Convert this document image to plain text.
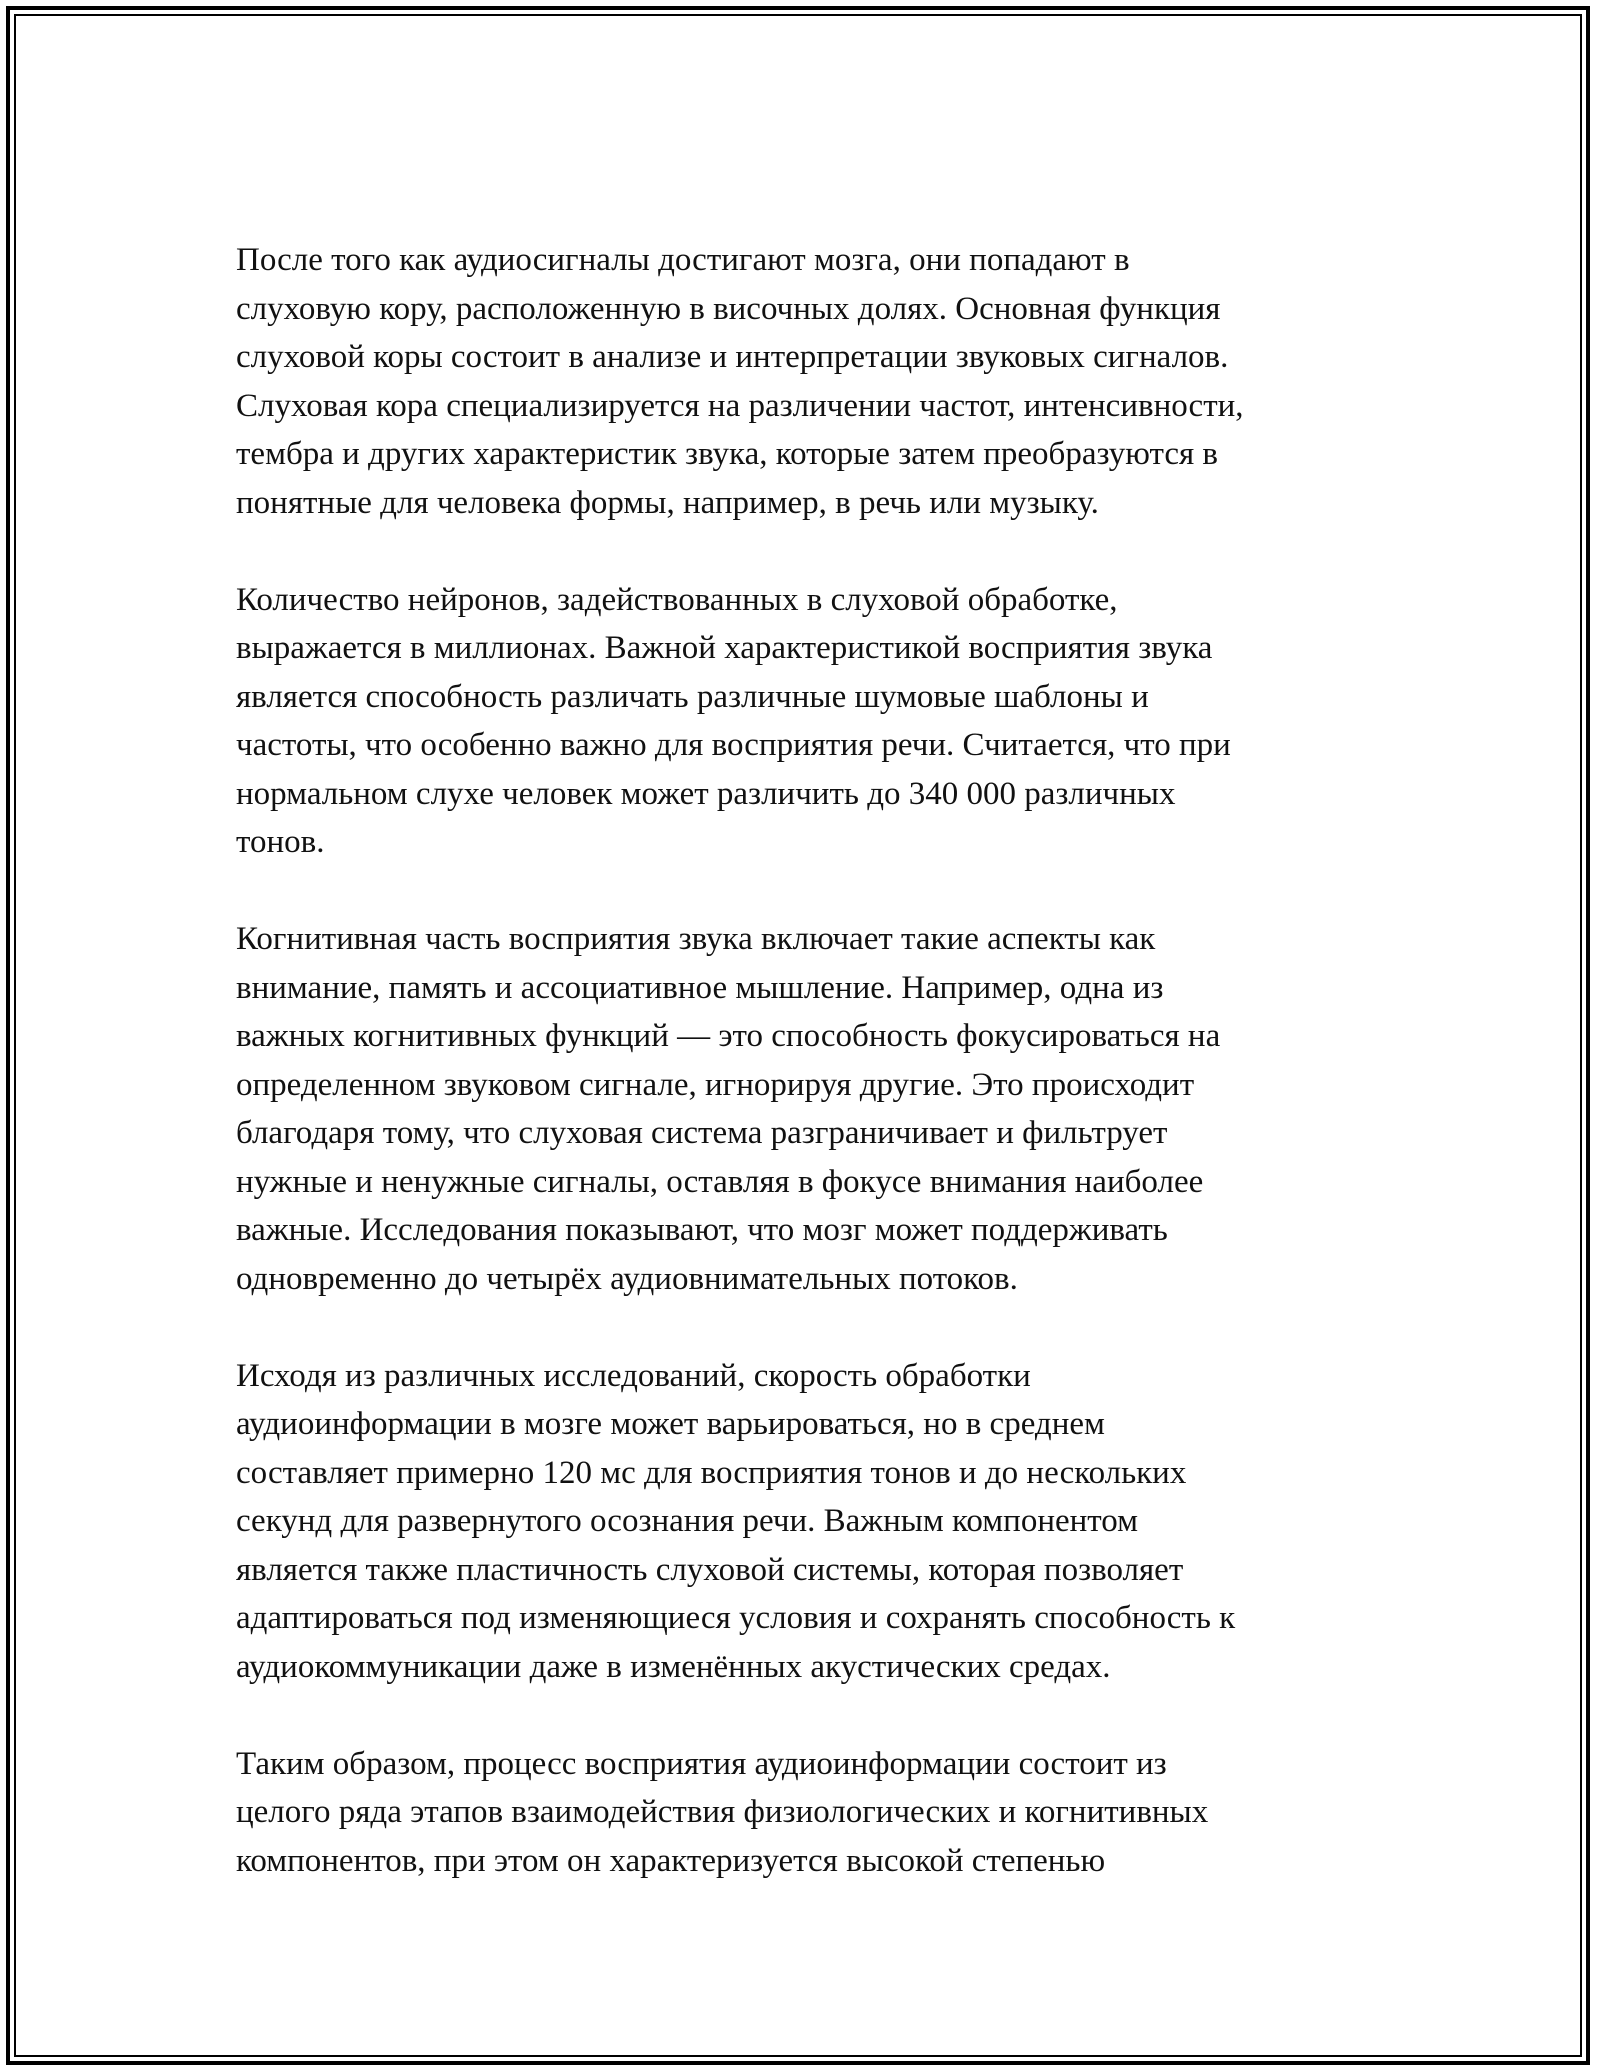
После того как аудиосигналы достигают мозга, они попадают в
слуховую кору, расположенную в височных долях. Основная функция
слуховой коры состоит в анализе и интерпретации звуковых сигналов.
Слуховая кора специализируется на различении частот, интенсивности,
тембра и других характеристик звука, которые затем преобразуются в
понятные для человека формы, например, в речь или музыку.

Количество нейронов, задействованных в слуховой обработке,
выражается в миллионах. Важной характеристикой восприятия звука
является способность различать различные шумовые шаблоны и
частоты, что особенно важно для восприятия речи. Считается, что при
нормальном слухе человек может различить до 340 000 различных
тонов.

Когнитивная часть восприятия звука включает такие аспекты как
внимание, память и ассоциативное мышление. Например, одна из
важных когнитивных функций — это способность фокусироваться на
определенном звуковом сигнале, игнорируя другие. Это происходит
благодаря тому, что слуховая система разграничивает и фильтрует
нужные и ненужные сигналы, оставляя в фокусе внимания наиболее
важные. Исследования показывают, что мозг может поддерживать
одновременно до четырёх аудиовнимательных потоков.

Исходя из различных исследований, скорость обработки
аудиоинформации в мозге может варьироваться, но в среднем
составляет примерно 120 мс для восприятия тонов и до нескольких
секунд для развернутого осознания речи. Важным компонентом
является также пластичность слуховой системы, которая позволяет
адаптироваться под изменяющиеся условия и сохранять способность к
аудиокоммуникации даже в изменённых акустических средах.

Таким образом, процесс восприятия аудиоинформации состоит из
целого ряда этапов взаимодействия физиологических и когнитивных
компонентов, при этом он характеризуется высокой степенью
